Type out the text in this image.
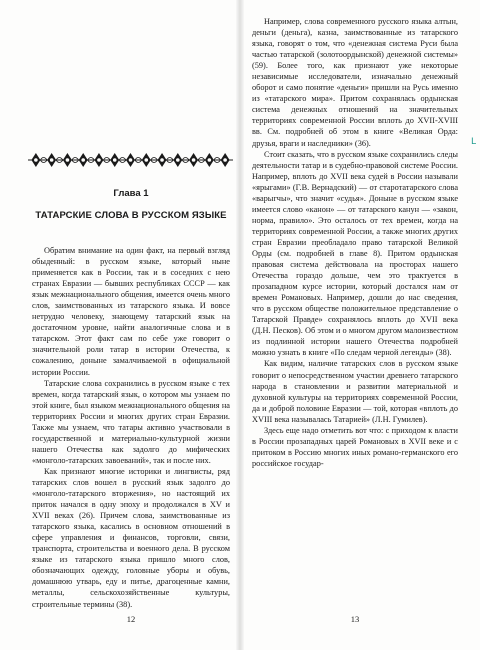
Глава 1
ТАТАРСКИЕ СЛОВА В РУССКОМ ЯЗЫКЕ

Обратим внимание на один факт, на первый взгляд обыденный: в русском языке, который ныне применяется как в России, так и в соседних с нею странах Евразии — бывших республиках СССР — как язык межнационального общения, имеется очень много слов, заимствованных из татарского языка. И вовсе нетрудно человеку, знающему татарский язык на достаточном уровне, найти аналогичные слова и в татарском. Этот факт сам по себе уже говорит о значительной роли татар в истории Отечества, к сожалению, доныне замалчиваемой в официальной истории России.

Татарские слова сохранились в русском языке с тех времен, когда татарский язык, о котором мы узнаем по этой книге, был языком межнационального общения на территориях России и многих других стран Евразии. Также мы узнаем, что татары активно участвовали в государственной и материально-культурной жизни нашего Отечества как задолго до мифических «монголо-татарских завоеваний», так и после них.

Как признают многие историки и лингвисты, ряд татарских слов вошел в русский язык задолго до «монголо-татарского вторжения», но настоящий их приток начался в одну эпоху и продолжался в XV и XVII веках (26). Причем слова, заимствованные из татарского языка, касались в основном отношений в сфере управления и финансов, торговли, связи, транспорта, строительства и военного дела. В русском языке из татарского языка пришло много слов, обозначающих одежду, головные уборы и обувь, домашнюю утварь, еду и питье, драгоценные камни, металлы, сельскохозяйственные культуры, строительные термины (38).

12

Например, слова современного русского языка алтын, деньги (деньга), казна, заимствованные из татарского языка, говорят о том, что «денежная система Руси была частью татарской (золотоордынской) денежной системы» (59). Более того, как признают уже некоторые независимые исследователи, изначально денежный оборот и само понятие «деньги» пришли на Русь именно из «татарского мира». Притом сохранялась ордынская система денежных отношений на значительных территориях современной России вплоть до XVII-XVIII вв. См. подробней об этом в книге «Великая Орда: друзья, враги и наследники» (36).

Стоит сказать, что в русском языке сохранились следы деятельности татар и в судебно-правовой системе России. Например, вплоть до XVII века судей в России называли «ярыгами» (Г.В. Вернадский) — от старотатарского слова «варыгчы», что значит «судья». Доныне в русском языке имеется слово «канон» — от татарского канун — «закон, норма, правило». Это осталось от тех времен, когда на территориях современной России, а также многих других стран Евразии преобладало право татарской Великой Орды (см. подробней в главе 8). Притом ордынская правовая система действовала на просторах нашего Отечества гораздо дольше, чем это трактуется в прозападном курсе истории, который достался нам от времен Романовых. Например, дошли до нас сведения, что в русском обществе положительное представление о Татарской Правде» сохранялось вплоть до XVII века (Д.Н. Песков). Об этом и о многом другом малоизвестном из подлинной истории нашего Отечества подробней можно узнать в книге «По следам черной легенды» (38).

Как видим, наличие татарских слов в русском языке говорит о непосредственном участии древнего татарского народа в становлении и развитии материальной и духовной культуры на территориях современной России, да и доброй половине Евразии — той, которая «вплоть до XVIII века называлась Татарией» (Л.Н. Гумилев).

Здесь еще надо отметить вот что: с приходом к власти в России прозападных царей Романовых в XVII веке и с притоком в Россию многих иных романо-германского его российское государ-

13
ᒪ
